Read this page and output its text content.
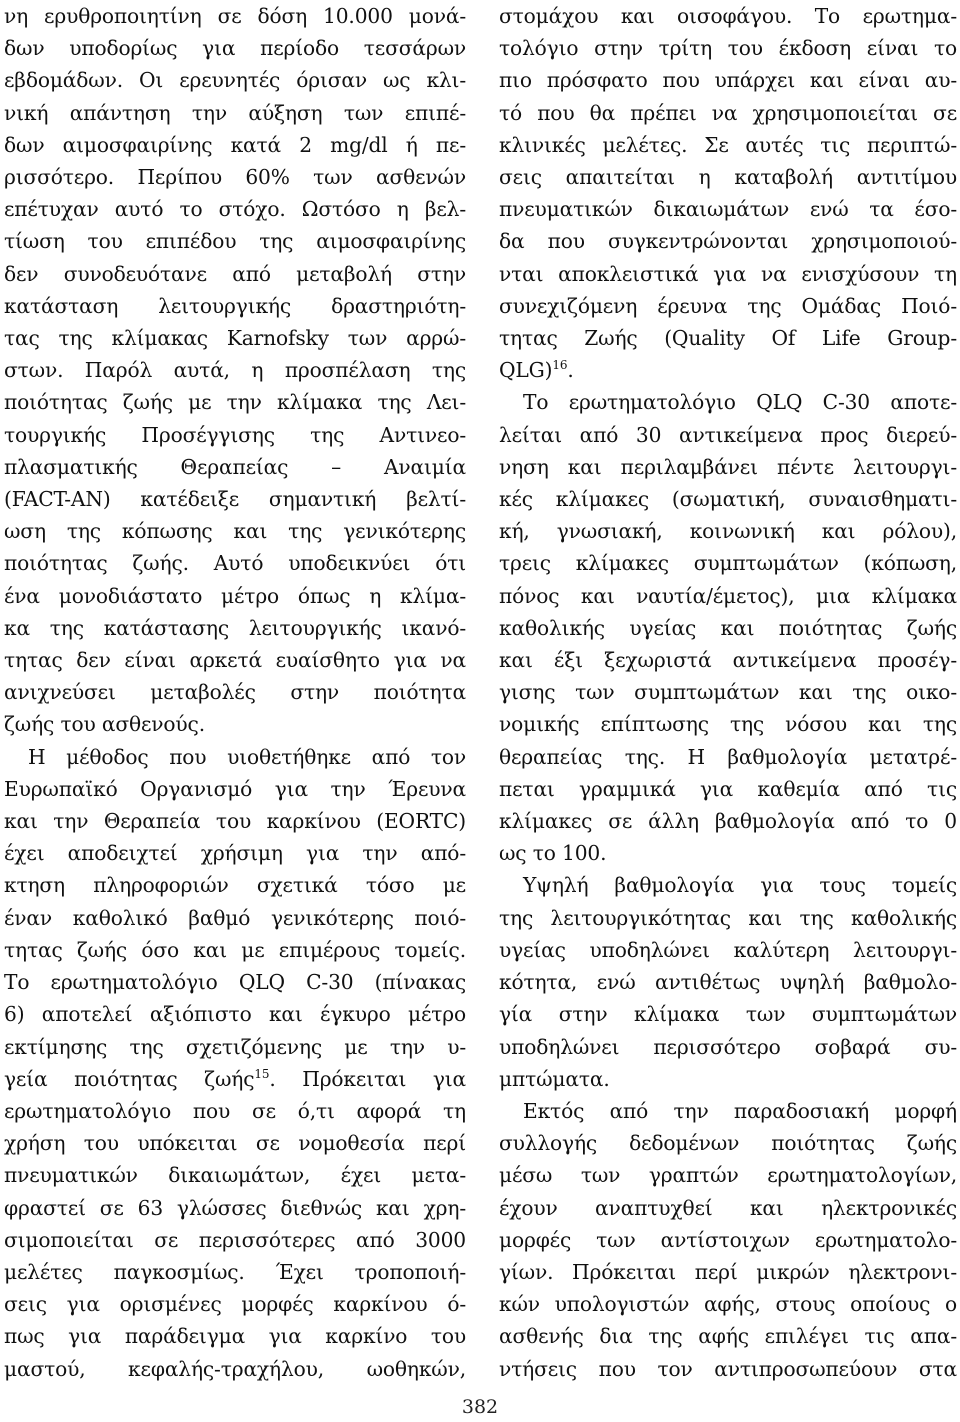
νη ερυθροποιητίνη σε δόση 10.000 μονά-

δων υποδορίως για περίοδο τεσσάρων

εβδομάδων. Οι ερευνητές όρισαν ως κλι-

νική απάντηση την αύξηση των επιπέ-

δων αιμοσφαιρίνης κατά 2 mg/dl ή πε-

ρισσότερο. Περίπου 60% των ασθενών

επέτυχαν αυτό το στόχο. Ωστόσο η βελ-

τίωση του επιπέδου της αιμοσφαιρίνης

δεν συνοδευότανε από μεταβολή στην

κατάσταση λειτουργικής δραστηριότη-

τας της κλίμακας Karnofsky των αρρώ-

στων. Παρόλ αυτά, η προσπέλαση της

ποιότητας ζωής με την κλίμακα της Λει-

τουργικής Προσέγγισης της Αντινεο-

πλασματικής Θεραπείας – Αναιμία

(FACT-AN) κατέδειξε σημαντική βελτί-

ωση της κόπωσης και της γενικότερης

ποιότητας ζωής. Αυτό υποδεικνύει ότι

ένα μονοδιάστατο μέτρο όπως η κλίμα-

κα της κατάστασης λειτουργικής ικανό-

τητας δεν είναι αρκετά ευαίσθητο για να

ανιχνεύσει μεταβολές στην ποιότητα

ζωής του ασθενούς.

Η μέθοδος που υιοθετήθηκε από τον

Ευρωπαϊκό Οργανισμό για την Έρευνα

και την Θεραπεία του καρκίνου (EORTC)

έχει αποδειχτεί χρήσιμη για την από-

κτηση πληροφοριών σχετικά τόσο με

έναν καθολικό βαθμό γενικότερης ποιό-

τητας ζωής όσο και με επιμέρους τομείς.

Το ερωτηματολόγιο QLQ C-30 (πίνακας

6) αποτελεί αξιόπιστο και έγκυρο μέτρο

εκτίμησης της σχετιζόμενης με την υ-

γεία ποιότητας ζωής$^{15}$. Πρόκειται για

ερωτηματολόγιο που σε ό,τι αφορά τη

χρήση του υπόκειται σε νομοθεσία περί

πνευματικών δικαιωμάτων, έχει μετα-

φραστεί σε 63 γλώσσες διεθνώς και χρη-

σιμοποιείται σε περισσότερες από 3000

μελέτες παγκοσμίως. Έχει τροποποιή-

σεις για ορισμένες μορφές καρκίνου ό-

πως για παράδειγμα για καρκίνο του

μαστού, κεφαλής-τραχήλου, ωοθηκών,

στομάχου και οισοφάγου. Το ερωτημα-

τολόγιο στην τρίτη του έκδοση είναι το

πιο πρόσφατο που υπάρχει και είναι αυ-

τό που θα πρέπει να χρησιμοποιείται σε

κλινικές μελέτες. Σε αυτές τις περιπτώ-

σεις απαιτείται η καταβολή αντιτίμου

πνευματικών δικαιωμάτων ενώ τα έσο-

δα που συγκεντρώνονται χρησιμοποιού-

νται αποκλειστικά για να ενισχύσουν τη

συνεχιζόμενη έρευνα της Ομάδας Ποιό-

τητας Ζωής (Quality Of Life Group-

QLG)$^{16}$.

Το ερωτηματολόγιο QLQ C-30 αποτε-

λείται από 30 αντικείμενα προς διερεύ-

νηση και περιλαμβάνει πέντε λειτουργι-

κές κλίμακες (σωματική, συναισθηματι-

κή, γνωσιακή, κοινωνική και ρόλου),

τρεις κλίμακες συμπτωμάτων (κόπωση,

πόνος και ναυτία/έμετος), μια κλίμακα

καθολικής υγείας και ποιότητας ζωής

και έξι ξεχωριστά αντικείμενα προσέγ-

γισης των συμπτωμάτων και της οικο-

νομικής επίπτωσης της νόσου και της

θεραπείας της. Η βαθμολογία μετατρέ-

πεται γραμμικά για καθεμία από τις

κλίμακες σε άλλη βαθμολογία από το 0

ως το 100.

Υψηλή βαθμολογία για τους τομείς

της λειτουργικότητας και της καθολικής

υγείας υποδηλώνει καλύτερη λειτουργι-

κότητα, ενώ αντιθέτως υψηλή βαθμολο-

γία στην κλίμακα των συμπτωμάτων

υποδηλώνει περισσότερο σοβαρά συ-

μπτώματα.

Εκτός από την παραδοσιακή μορφή

συλλογής δεδομένων ποιότητας ζωής

μέσω των γραπτών ερωτηματολογίων,

έχουν αναπτυχθεί και ηλεκτρονικές

μορφές των αντίστοιχων ερωτηματολο-

γίων. Πρόκειται περί μικρών ηλεκτρονι-

κών υπολογιστών αφής, στους οποίους ο

ασθενής δια της αφής επιλέγει τις απα-

ντήσεις που τον αντιπροσωπεύουν στα

382
